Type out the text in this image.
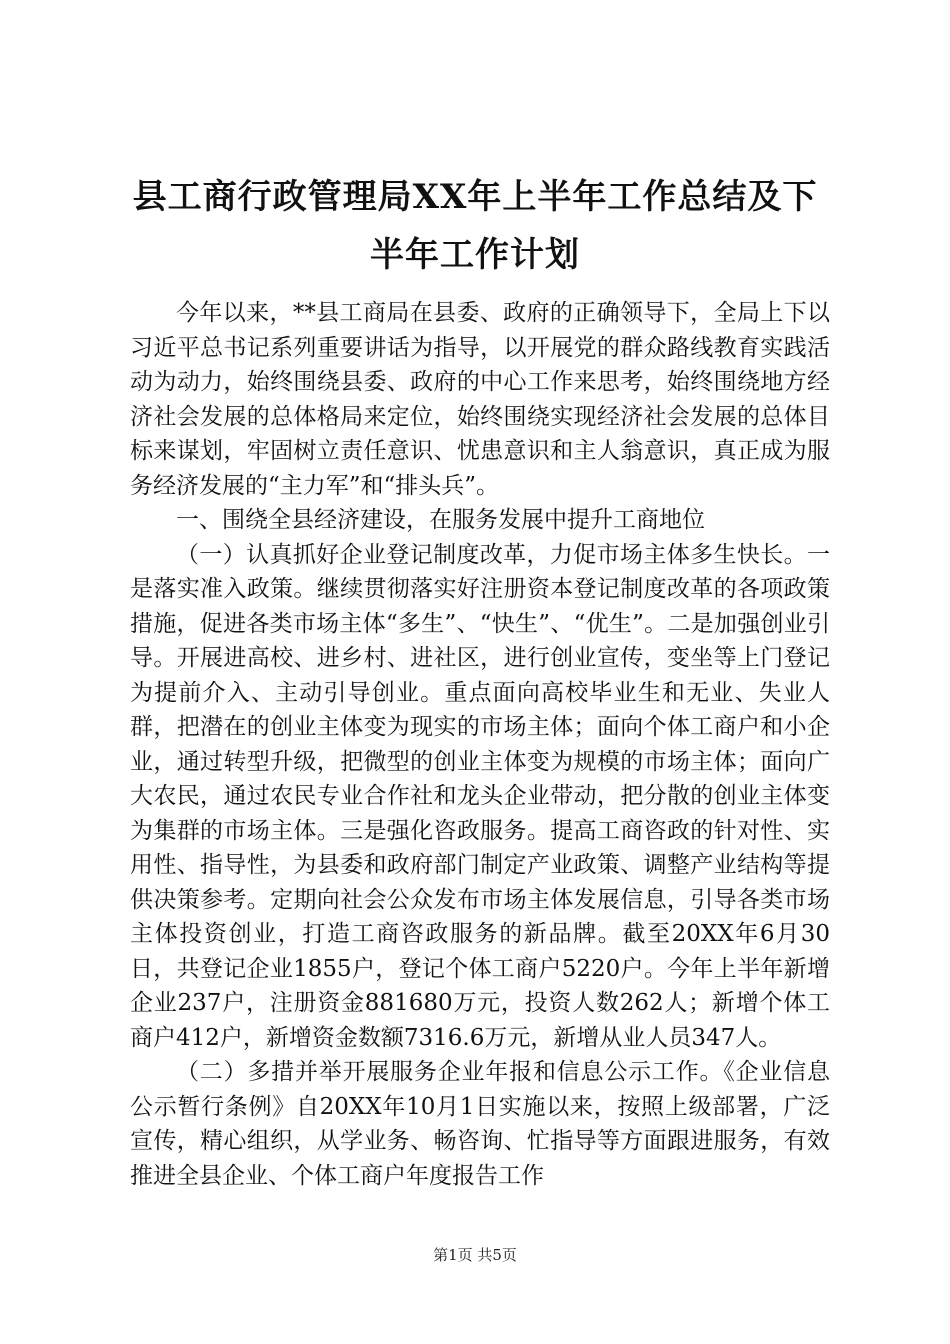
县工商行政管理局XX年上半年工作总结及下半年工作计划

今年以来，**县工商局在县委、政府的正确领导下，全局上下以习近平总书记系列重要讲话为指导，以开展党的群众路线教育实践活动为动力，始终围绕县委、政府的中心工作来思考，始终围绕地方经济社会发展的总体格局来定位，始终围绕实现经济社会发展的总体目标来谋划，牢固树立责任意识、忧患意识和主人翁意识，真正成为服务经济发展的“主力军”和“排头兵”。

一、围绕全县经济建设，在服务发展中提升工商地位

（一）认真抓好企业登记制度改革，力促市场主体多生快长。一是落实准入政策。继续贯彻落实好注册资本登记制度改革的各项政策措施，促进各类市场主体“多生”、“快生”、“优生”。二是加强创业引导。开展进高校、进乡村、进社区，进行创业宣传，变坐等上门登记为提前介入、主动引导创业。重点面向高校毕业生和无业、失业人群，把潜在的创业主体变为现实的市场主体；面向个体工商户和小企业，通过转型升级，把微型的创业主体变为规模的市场主体；面向广大农民，通过农民专业合作社和龙头企业带动，把分散的创业主体变为集群的市场主体。三是强化咨政服务。提高工商咨政的针对性、实用性、指导性，为县委和政府部门制定产业政策、调整产业结构等提供决策参考。定期向社会公众发布市场主体发展信息，引导各类市场主体投资创业，打造工商咨政服务的新品牌。截至20XX年6月30日，共登记企业1855户，登记个体工商户5220户。今年上半年新增企业237户，注册资金881680万元，投资人数262人；新增个体工商户412户，新增资金数额7316.6万元，新增从业人员347人。

（二）多措并举开展服务企业年报和信息公示工作。《企业信息公示暂行条例》自20XX年10月1日实施以来，按照上级部署，广泛宣传，精心组织，从学业务、畅咨询、忙指导等方面跟进服务，有效推进全县企业、个体工商户年度报告工作

第1页 共5页
